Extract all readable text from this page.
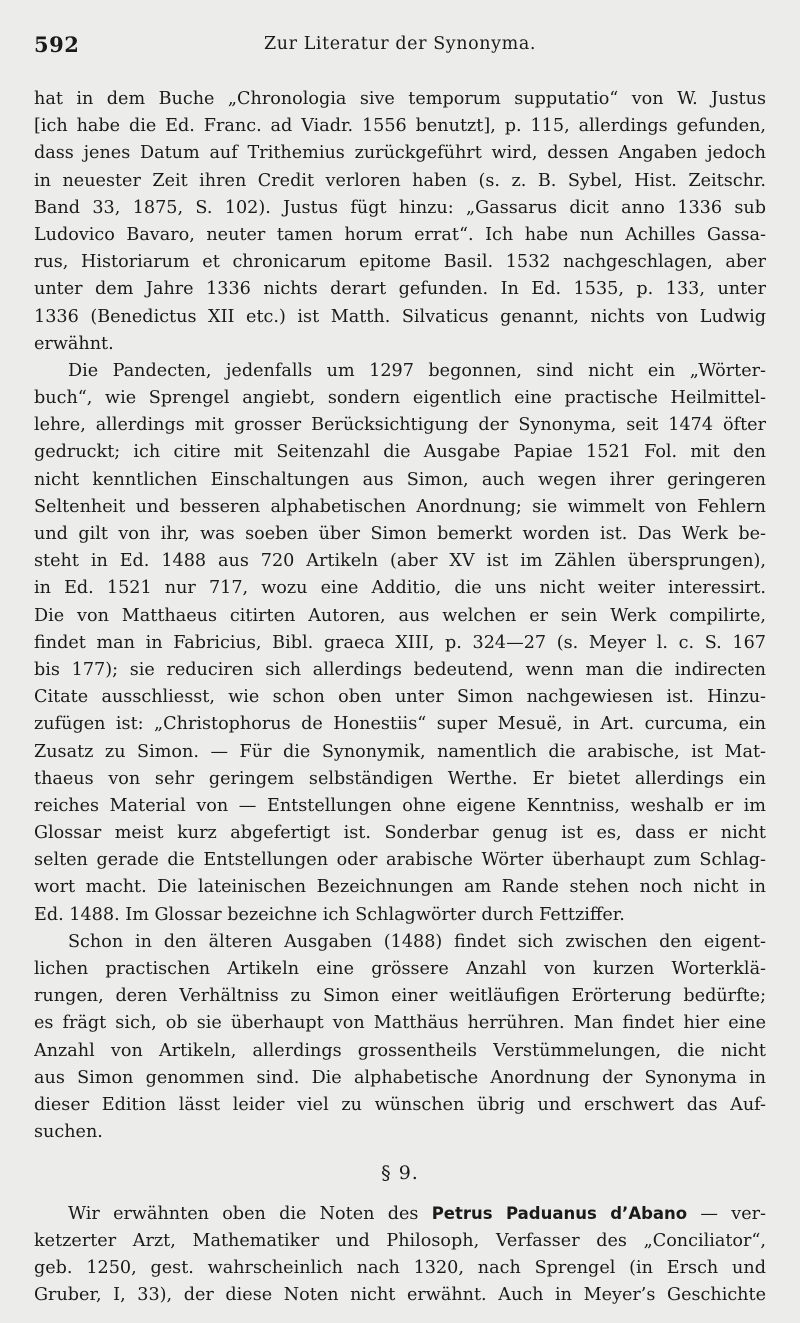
592	Zur Literatur der Synonyma.
hat in dem Buche „Chronologia sive temporum supputatio“ von W. Justus
[ich habe die Ed. Franc. ad Viadr. 1556 benutzt], p. 115, allerdings gefunden,
dass jenes Datum auf Trithemius zurückgeführt wird, dessen Angaben jedoch
in neuester Zeit ihren Credit verloren haben (s. z. B. Sybel, Hist. Zeitschr.
Band 33, 1875, S. 102). Justus fügt hinzu: „Gassarus dicit anno 1336 sub
Ludovico Bavaro, neuter tamen horum errat“. Ich habe nun Achilles Gassa-
rus, Historiarum et chronicarum epitome Basil. 1532 nachgeschlagen, aber
unter dem Jahre 1336 nichts derart gefunden. In Ed. 1535, p. 133, unter
1336 (Benedictus XII etc.) ist Matth. Silvaticus genannt, nichts von Ludwig
erwähnt.
Die Pandecten, jedenfalls um 1297 begonnen, sind nicht ein „Wörter-
buch“, wie Sprengel angiebt, sondern eigentlich eine practische Heilmittel-
lehre, allerdings mit grosser Berücksichtigung der Synonyma, seit 1474 öfter
gedruckt; ich citire mit Seitenzahl die Ausgabe Papiae 1521 Fol. mit den
nicht kenntlichen Einschaltungen aus Simon, auch wegen ihrer geringeren
Seltenheit und besseren alphabetischen Anordnung; sie wimmelt von Fehlern
und gilt von ihr, was soeben über Simon bemerkt worden ist. Das Werk be-
steht in Ed. 1488 aus 720 Artikeln (aber XV ist im Zählen übersprungen),
in Ed. 1521 nur 717, wozu eine Additio, die uns nicht weiter interessirt.
Die von Matthaeus citirten Autoren, aus welchen er sein Werk compilirte,
findet man in Fabricius, Bibl. graeca XIII, p. 324—27 (s. Meyer l. c. S. 167
bis 177); sie reduciren sich allerdings bedeutend, wenn man die indirecten
Citate ausschliesst, wie schon oben unter Simon nachgewiesen ist. Hinzu-
zufügen ist: „Christophorus de Honestiis“ super Mesuë, in Art. curcuma, ein
Zusatz zu Simon. — Für die Synonymik, namentlich die arabische, ist Mat-
thaeus von sehr geringem selbständigen Werthe. Er bietet allerdings ein
reiches Material von — Entstellungen ohne eigene Kenntniss, weshalb er im
Glossar meist kurz abgefertigt ist. Sonderbar genug ist es, dass er nicht
selten gerade die Entstellungen oder arabische Wörter überhaupt zum Schlag-
wort macht. Die lateinischen Bezeichnungen am Rande stehen noch nicht in
Ed. 1488. Im Glossar bezeichne ich Schlagwörter durch Fettziffer.
Schon in den älteren Ausgaben (1488) findet sich zwischen den eigent-
lichen practischen Artikeln eine grössere Anzahl von kurzen Worterklä-
rungen, deren Verhältniss zu Simon einer weitläufigen Erörterung bedürfte;
es frägt sich, ob sie überhaupt von Matthäus herrühren. Man findet hier eine
Anzahl von Artikeln, allerdings grossentheils Verstümmelungen, die nicht
aus Simon genommen sind. Die alphabetische Anordnung der Synonyma in
dieser Edition lässt leider viel zu wünschen übrig und erschwert das Auf-
suchen.
§ 9.
Wir erwähnten oben die Noten des Petrus Paduanus d’Abano — ver-
ketzerter Arzt, Mathematiker und Philosoph, Verfasser des „Conciliator“,
geb. 1250, gest. wahrscheinlich nach 1320, nach Sprengel (in Ersch und
Gruber, I, 33), der diese Noten nicht erwähnt. Auch in Meyer’s Geschichte
